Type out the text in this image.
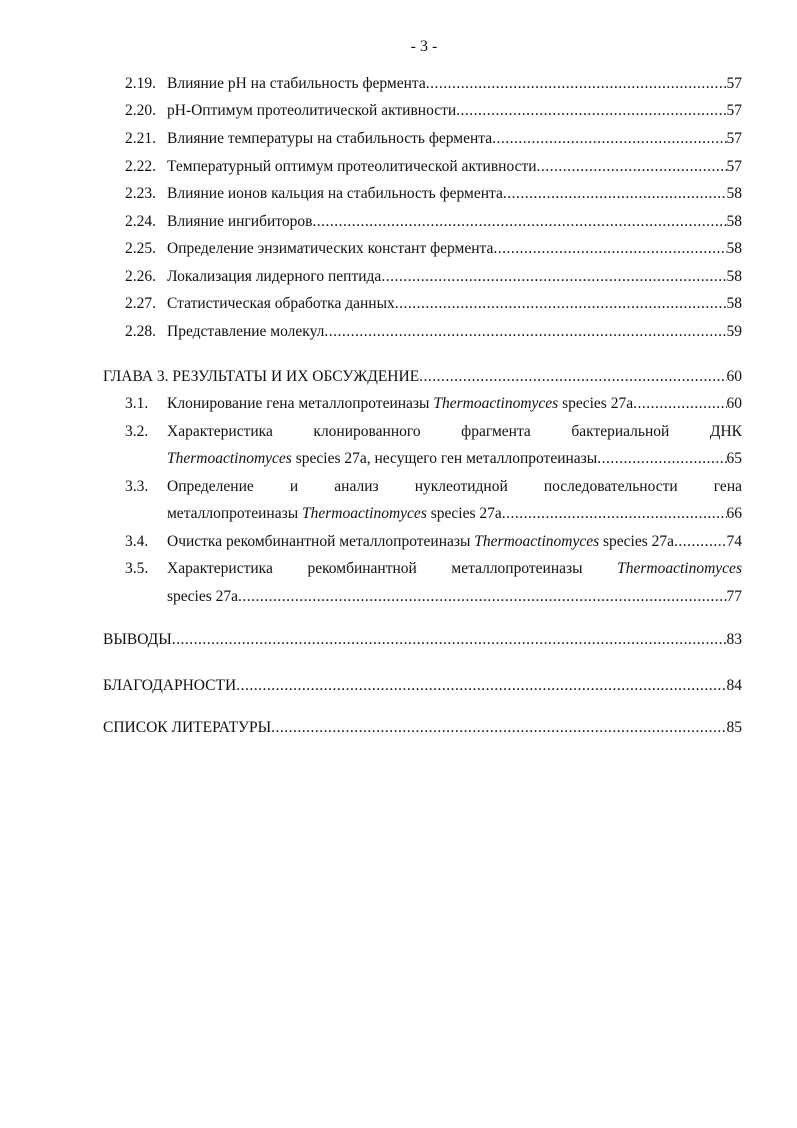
- 3 -
2.19. Влияние pH на стабильность фермента .....	57
2.20. pH-Оптимум протеолитической активности .....	57
2.21. Влияние температуры на стабильность фермента .....	57
2.22. Температурный оптимум протеолитической активности .....	57
2.23. Влияние ионов кальция на стабильность фермента .....	58
2.24. Влияние ингибиторов .....	58
2.25. Определение энзиматических констант фермента .....	58
2.26. Локализация лидерного пептида .....	58
2.27. Статистическая обработка данных .....	58
2.28. Представление молекул .....	59
ГЛАВА 3. РЕЗУЛЬТАТЫ И ИХ ОБСУЖДЕНИЕ .....	60
3.1. Клонирование гена металлопротеиназы Thermoactinomyces species 27a .....	60
3.2. Характеристика	клонированного	фрагмента	бактериальной	ДНК
Thermoactinomyces species 27a, несущего ген металлопротеиназы .....	65
3.3. Определение и анализ нуклеотидной последовательности гена
металлопротеиназы Thermoactinomyces species 27a .....	66
3.4. Очистка рекомбинантной металлопротеиназы Thermoactinomyces species 27a .....	74
3.5. Характеристика рекомбинантной металлопротеиназы Thermoactinomyces
species 27a .....	77
ВЫВОДЫ .....	83
БЛАГОДАРНОСТИ .....	84
СПИСОК ЛИТЕРАТУРЫ .....	85
